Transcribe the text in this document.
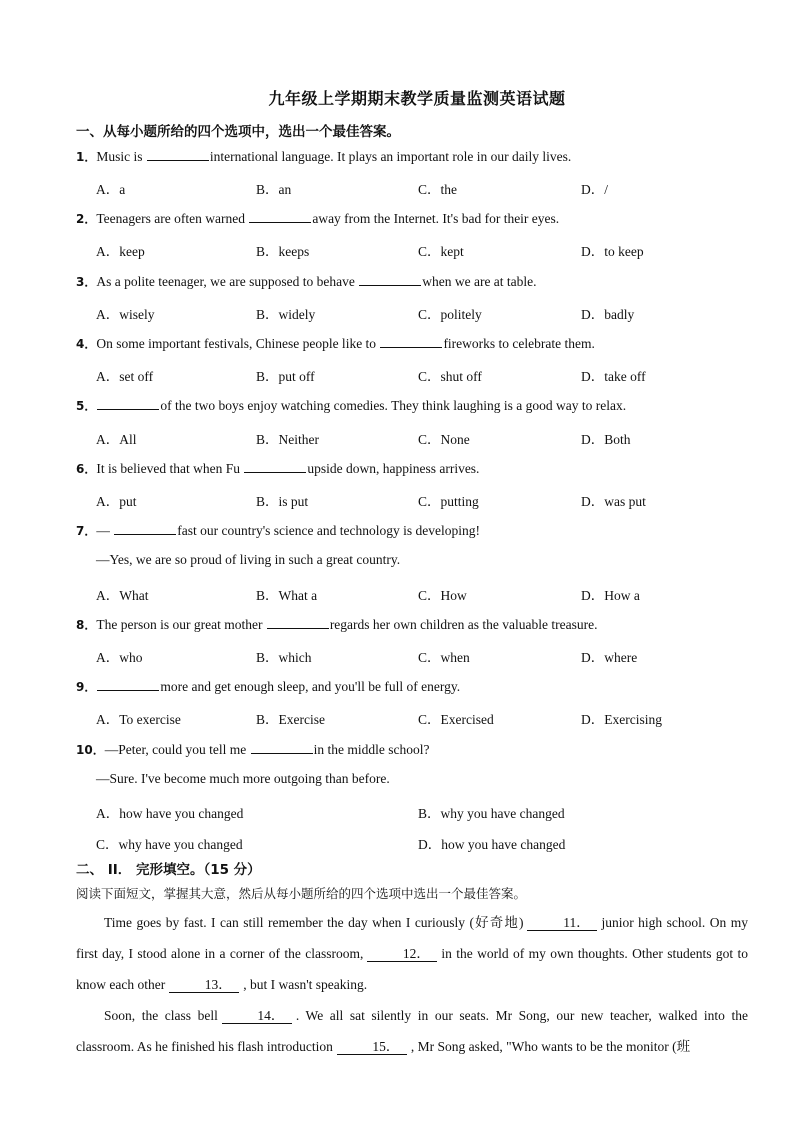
九年级上学期期末教学质量监测英语试题
一、从每小题所给的四个选项中，选出一个最佳答案。
1．Music is	international language. It plays an important role in our daily lives.
A．a	B．an	C．the	D．/
2．Teenagers are often warned	away from the Internet. It's bad for their eyes.
A．keep	B．keeps	C．kept	D．to keep
3．As a polite teenager, we are supposed to behave	when we are at table.
A．wisely	B．widely	C．politely	D．badly
4．On some important festivals, Chinese people like to	fireworks to celebrate them.
A．set off	B．put off	C．shut off	D．take off
5．	of the two boys enjoy watching comedies. They think laughing is a good way to relax.
A．All	B．Neither	C．None	D．Both
6．It is believed that when Fu	upside down, happiness arrives.
A．put	B．is put	C．putting	D．was put
7．—	fast our country's science and technology is developing!
—Yes, we are so proud of living in such a great country.
A．What	B．What a	C．How	D．How a
8．The person is our great mother	regards her own children as the valuable treasure.
A．who	B．which	C．when	D．where
9．	more and get enough sleep, and you'll be full of energy.
A．To exercise	B．Exercise	C．Exercised	D．Exercising
10．—Peter, could you tell me	in the middle school?
—Sure. I've become much more outgoing than before.
A．how have you changed	B．why you have changed
C．why have you changed	D．how you have changed
二、 II． 完形填空。（15 分）
阅读下面短文，掌握其大意，然后从每小题所给的四个选项中选出一个最佳答案。

Time goes by fast. I can still remember the day when I curiously (好奇地)	11． junior high school. On my first day, I stood alone in a corner of the classroom,	12． in the world of my own thoughts. Other students got to know each other	13． , but I wasn't speaking.

Soon, the class bell	14． . We all sat silently in our seats. Mr Song, our new teacher, walked into the classroom. As he finished his flash introduction	15． , Mr Song asked, "Who wants to be the monitor (班
